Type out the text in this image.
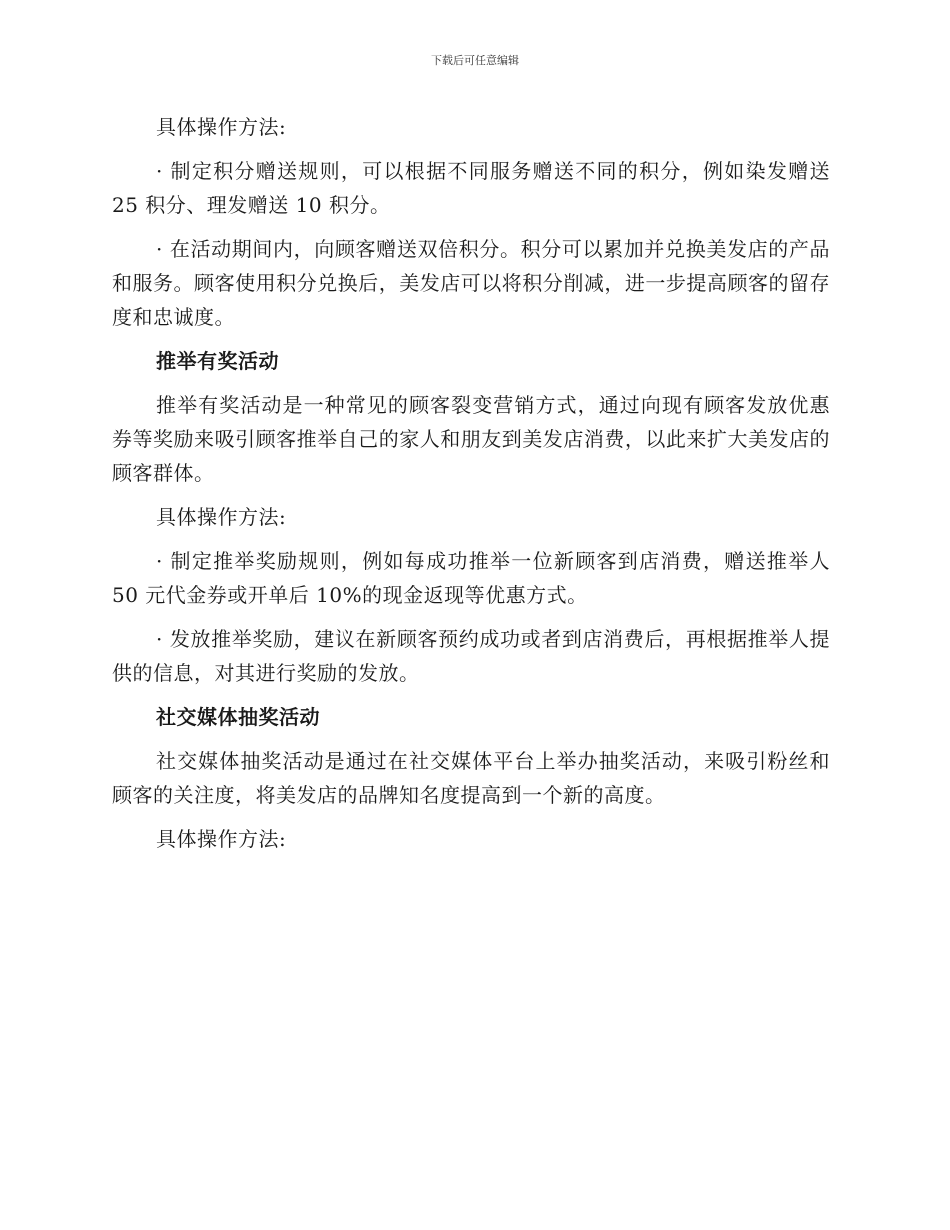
下载后可任意编辑

具体操作方法:

· 制定积分赠送规则，可以根据不同服务赠送不同的积分，例如染发赠送 25 积分、理发赠送 10 积分。

· 在活动期间内，向顾客赠送双倍积分。积分可以累加并兑换美发店的产品和服务。顾客使用积分兑换后，美发店可以将积分削减，进一步提高顾客的留存度和忠诚度。

推举有奖活动

推举有奖活动是一种常见的顾客裂变营销方式，通过向现有顾客发放优惠券等奖励来吸引顾客推举自己的家人和朋友到美发店消费，以此来扩大美发店的顾客群体。

具体操作方法:

· 制定推举奖励规则，例如每成功推举一位新顾客到店消费，赠送推举人 50 元代金券或开单后 10%的现金返现等优惠方式。

· 发放推举奖励，建议在新顾客预约成功或者到店消费后，再根据推举人提供的信息，对其进行奖励的发放。

社交媒体抽奖活动

社交媒体抽奖活动是通过在社交媒体平台上举办抽奖活动，来吸引粉丝和顾客的关注度，将美发店的品牌知名度提高到一个新的高度。

具体操作方法:
